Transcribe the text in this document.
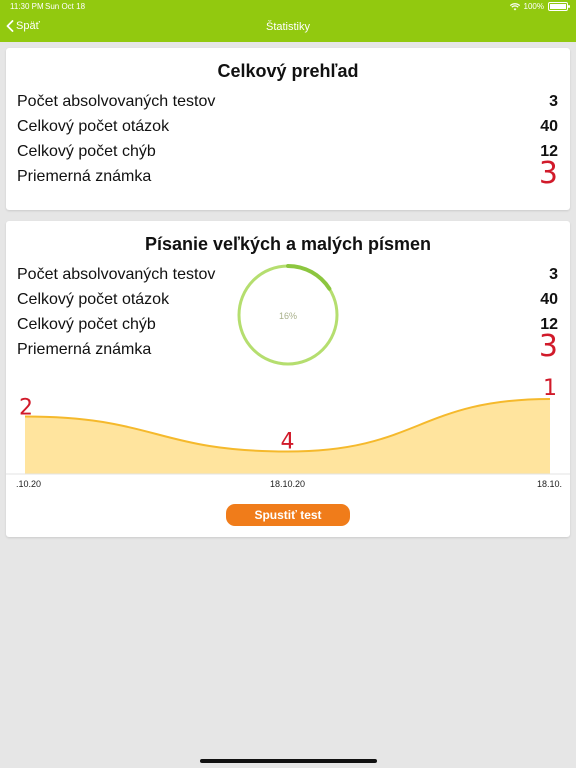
11:30 PM Sun Oct 18	100%
Späť	Štatistiky
Celkový prehľad
Počet absolvovaných testov	3
Celkový počet otázok	40
Celkový počet chýb	12
Priemerná známka	3
Písanie veľkých a malých písmen
Počet absolvovaných testov	3
Celkový počet otázok	40
Celkový počet chýb	12
Priemerná známka	3
16%
2
4
1
.10.20	18.10.20	18.10.
Spustiť test
